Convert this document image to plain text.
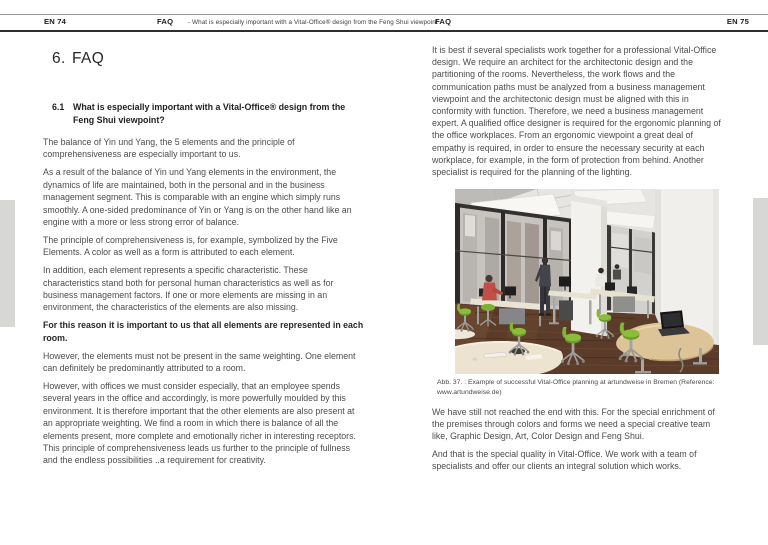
EN 74	FAQ - What is especially important with a Vital-Office® design from the Feng Shui viewpoint
FAQ	EN 75
6. FAQ
6.1 What is especially important with a Vital-Office® design from the Feng Shui viewpoint?

The balance of Yin und Yang, the 5 elements and the principle of comprehensiveness are especially important to us.

As a result of the balance of Yin und Yang elements in the environment, the dynamics of life are maintained, both in the personal and in the business management segment. This is comparable with an engine which simply runs smoothly. A one-sided predominance of Yin or Yang is on the other hand like an engine with a more or less strong error of balance.

The principle of comprehensiveness is, for example, symbolized by the Five Elements. A color as well as a form is attributed to each element.

In addition, each element represents a specific characteristic. These characteristics stand both for personal human characteristics as well as for business management factors. If one or more elements are missing in an environment, the characteristics of the elements are also missing.

For this reason it is important to us that all elements are represented in each room.

However, the elements must not be present in the same weighting. One element can definitely be predominantly attributed to a room.

However, with offices we must consider especially, that an employee spends several years in the office and accordingly, is more powerfully moulded by this environment. It is therefore important that the other elements are also present at an appropriate weighting. We find a room in which there is balance of all the elements present, more complete and emotionally richer in interesting receptors. This principle of comprehensiveness leads us further to the principle of fullness and the endless possibilities ..a requirement for creativity.

It is best if several specialists work together for a professional Vital-Office design. We require an architect for the architectonic design and the partitioning of the rooms. Nevertheless, the work flows and the communication paths must be analyzed from a business management viewpoint and the architectonic design must be aligned with this in conformity with function. Therefore, we need a business management expert. A qualified office designer is required for the ergonomic planning of the office workplaces. From an ergonomic viewpoint a great deal of empathy is required, in order to ensure the necessary security at each workplace, for example, in the form of protection from behind. Another specialist is required for the planning of the lighting.

Abb. 37. : Example of successful Vital-Office planning at artundweise in Bremen (Reference: www.artundweise.de)

We have still not reached the end with this. For the special enrichment of the premises through colors and forms we need a special creative team like, Graphic Design, Art, Color Design and Feng Shui.

And that is the special quality in Vital-Office. We work with a team of specialists and offer our clients an integral solution which works.
